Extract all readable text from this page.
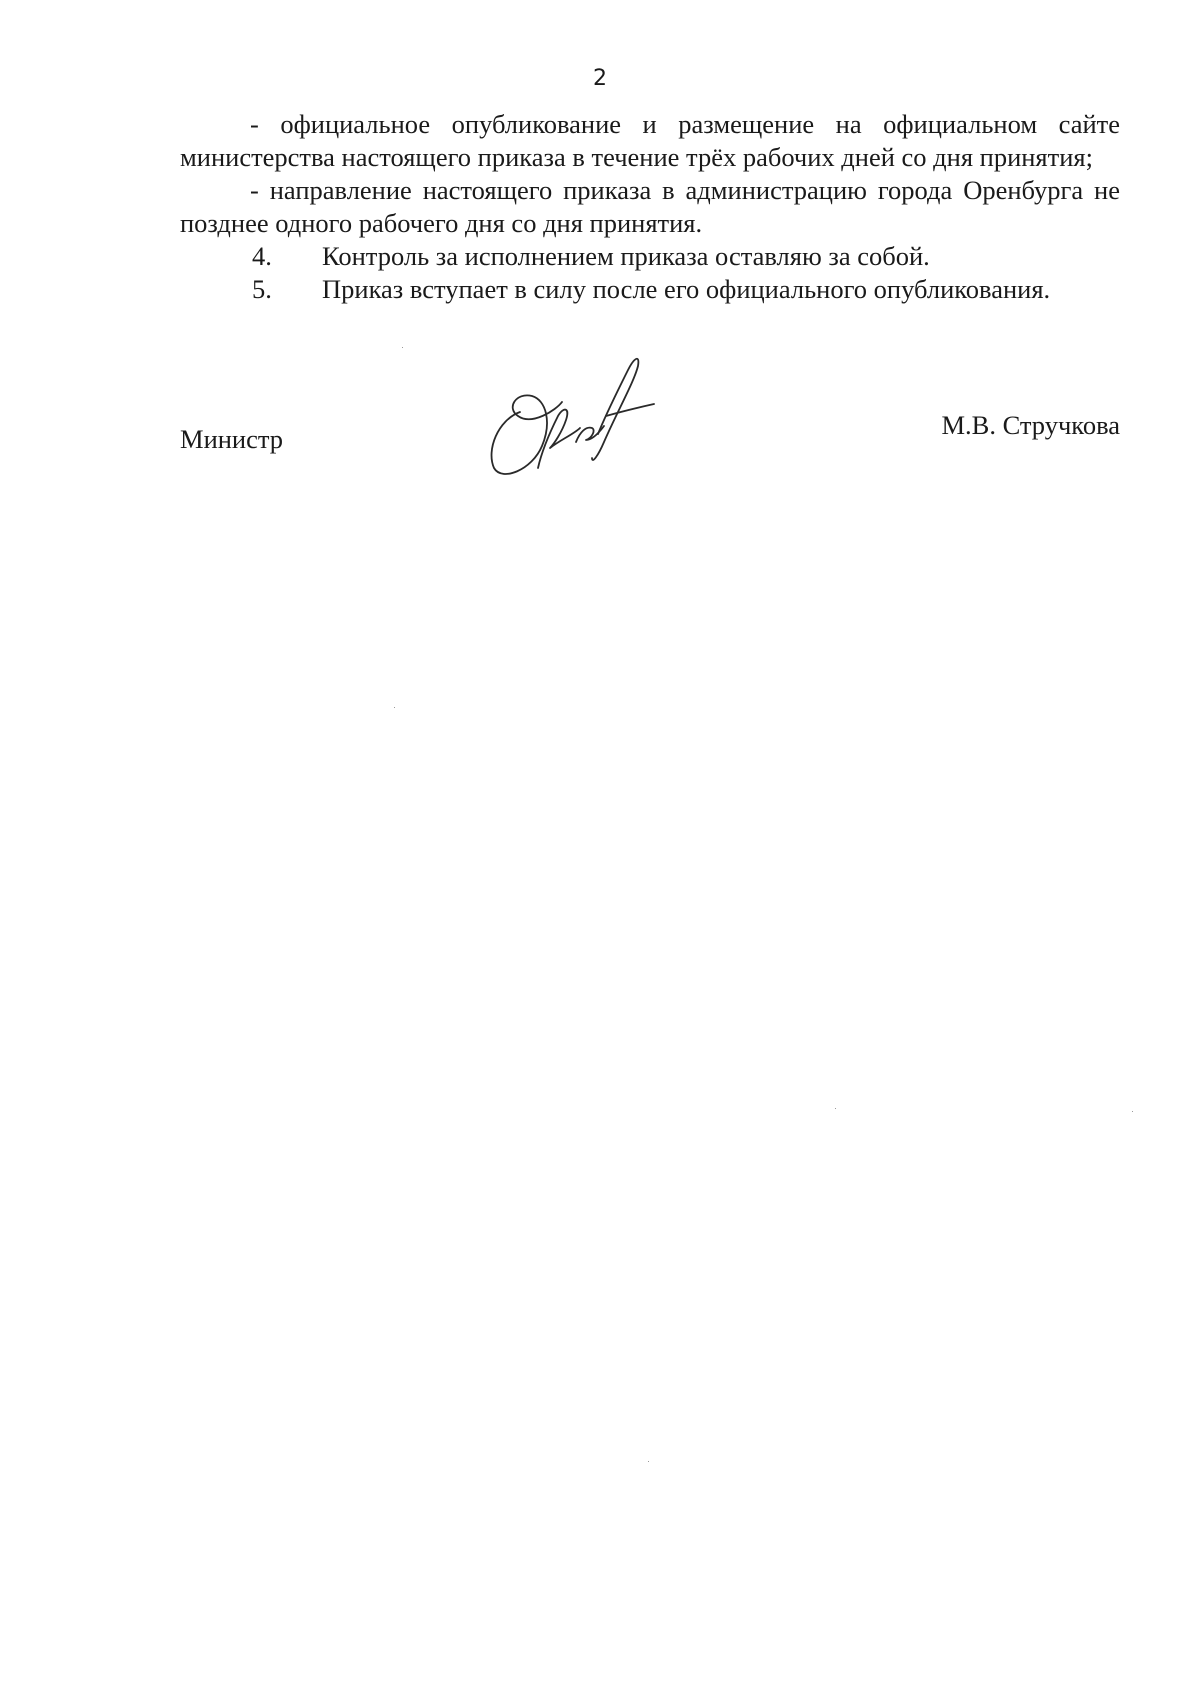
2

- официальное опубликование и размещение на официальном сайте министерства настоящего приказа в течение трёх рабочих дней со дня принятия;

- направление настоящего приказа в администрацию города Оренбурга не позднее одного рабочего дня со дня принятия.

4.	Контроль за исполнением приказа оставляю за собой.
5.	Приказ вступает в силу после его официального опубликования.
Министр	М.В. Стручкова
